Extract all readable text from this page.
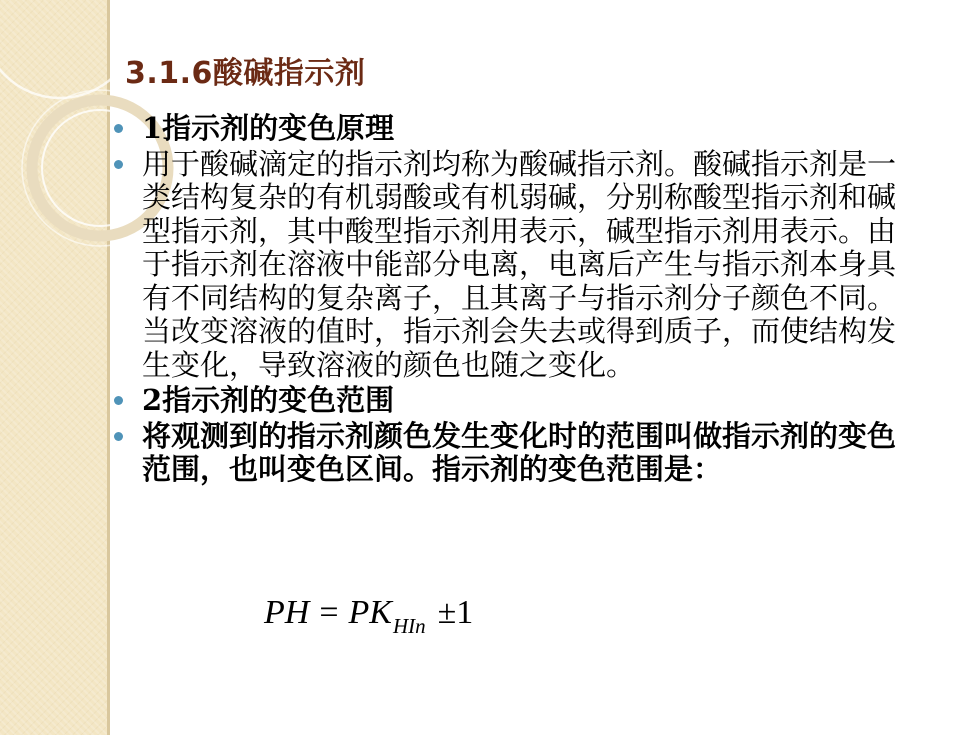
3.1.6酸碱指示剂
1指示剂的变色原理
用于酸碱滴定的指示剂均称为酸碱指示剂。酸碱指示剂是一类结构复杂的有机弱酸或有机弱碱，分别称酸型指示剂和碱型指示剂，其中酸型指示剂用表示，碱型指示剂用表示。由于指示剂在溶液中能部分电离，电离后产生与指示剂本身具有不同结构的复杂离子，且其离子与指示剂分子颜色不同。当改变溶液的值时，指示剂会失去或得到质子，而使结构发生变化，导致溶液的颜色也随之变化。
2指示剂的变色范围
将观测到的指示剂颜色发生变化时的范围叫做指示剂的变色范围，也叫变色区间。指示剂的变色范围是：
PH = $PK_{HIn} \pm 1$
